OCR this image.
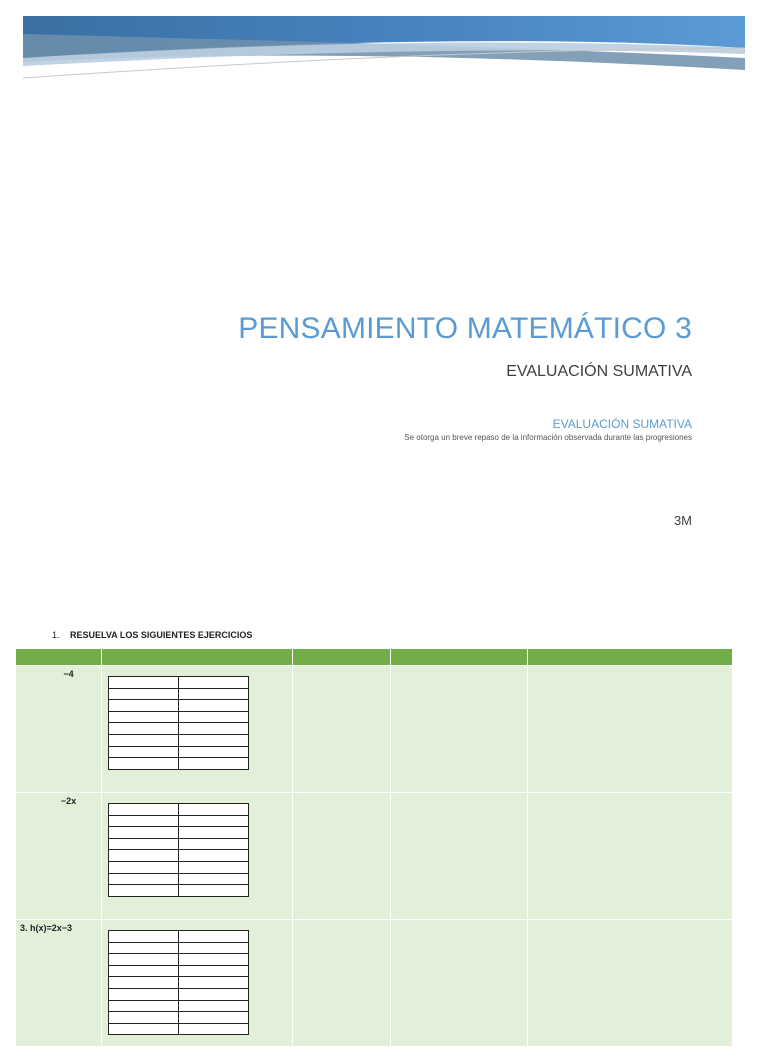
PENSAMIENTO MATEMÁTICO 3
EVALUACIÓN SUMATIVA
EVALUACIÓN SUMATIVA
Se otorga un breve repaso de la información observada durante las progresiones
3M
1. RESUELVA LOS SIGUIENTES EJERCICIOS

−4

−2x

3. h(x)=2x−3
